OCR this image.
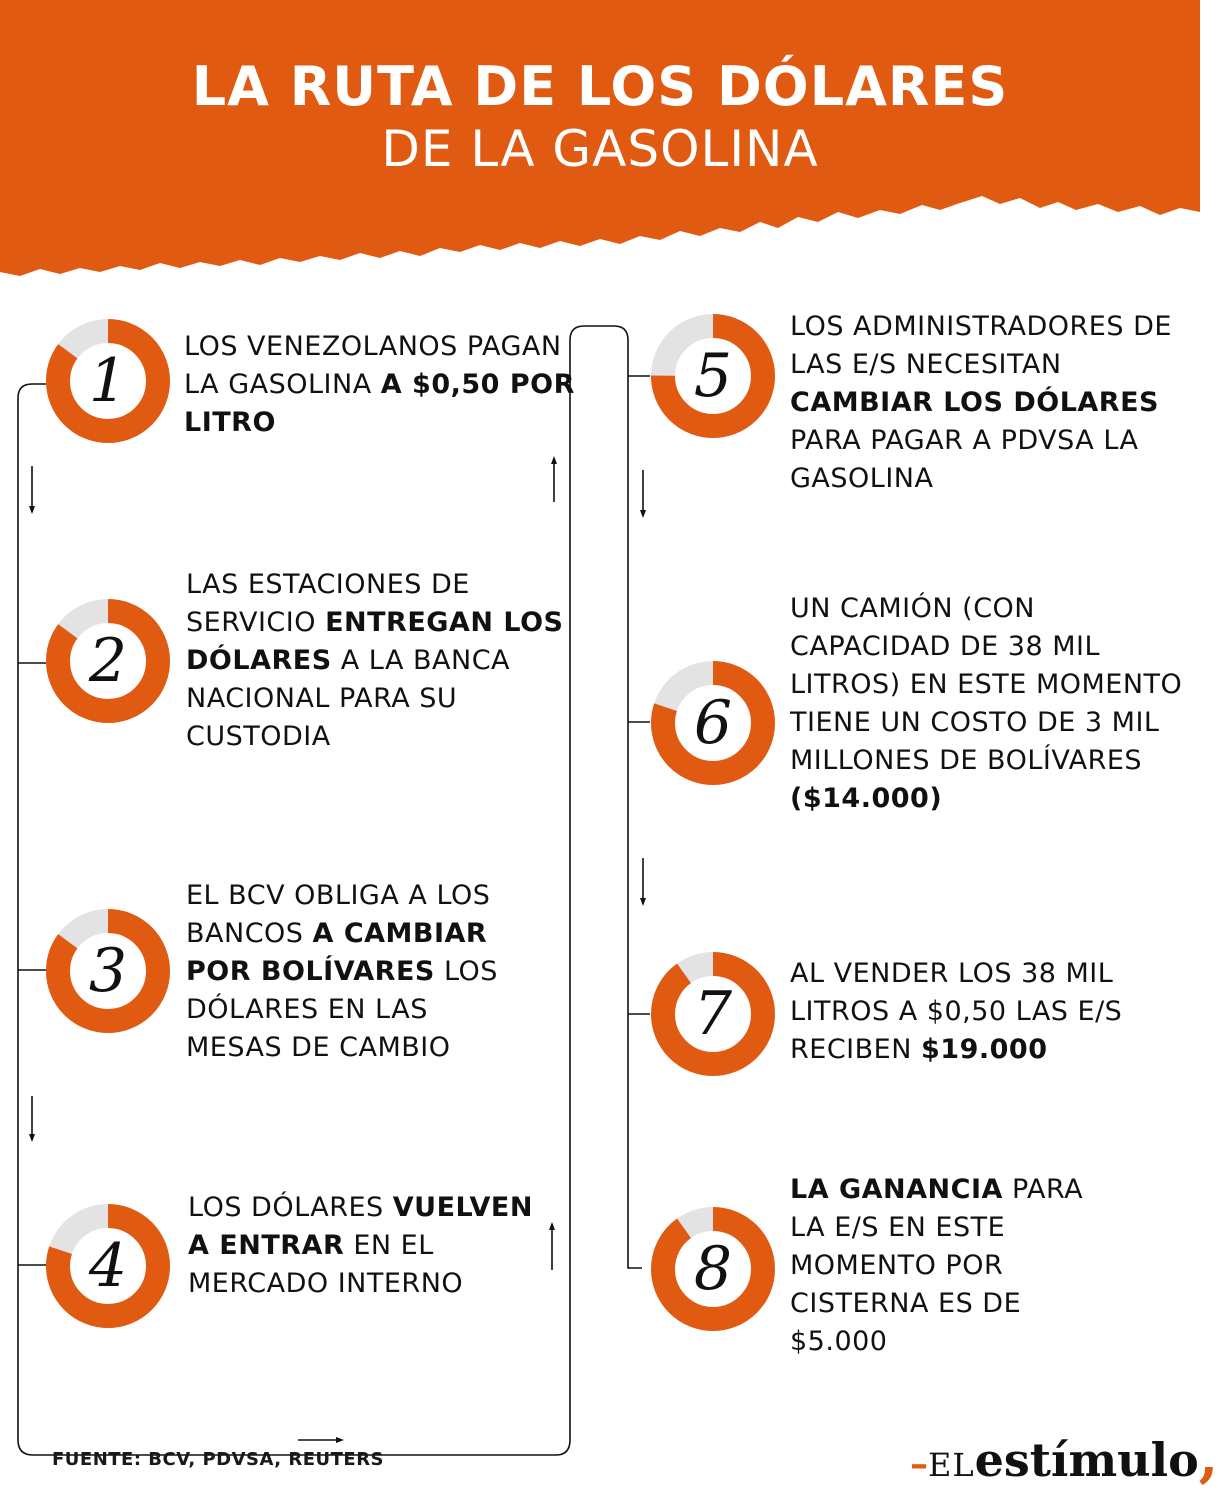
LA RUTA DE LOS DÓLARES
DE LA GASOLINA
1	LOS VENEZOLANOS PAGAN LA GASOLINA A $0,50 POR LITRO
2
LAS ESTACIONES DE SERVICIO ENTREGAN LOS DÓLARES A LA BANCA NACIONAL PARA SU CUSTODIA
3
EL BCV OBLIGA A LOS BANCOS A CAMBIAR POR BOLÍVARES LOS DÓLARES EN LAS MESAS DE CAMBIO
4
LOS DÓLARES VUELVEN A ENTRAR EN EL MERCADO INTERNO
5
LOS ADMINISTRADORES DE LAS E/S NECESITAN CAMBIAR LOS DÓLARES PARA PAGAR A PDVSA LA GASOLINA
6
UN CAMIÓN (CON CAPACIDAD DE 38 MIL LITROS) EN ESTE MOMENTO TIENE UN COSTO DE 3 MIL MILLONES DE BOLÍVARES ($14.000)
7
AL VENDER LOS 38 MIL LITROS A $0,50 LAS E/S RECIBEN $19.000
8
LA GANANCIA PARA LA E/S EN ESTE MOMENTO POR CISTERNA ES DE $5.000
FUENTE: BCV, PDVSA, REUTERS	–ELestímulo,
